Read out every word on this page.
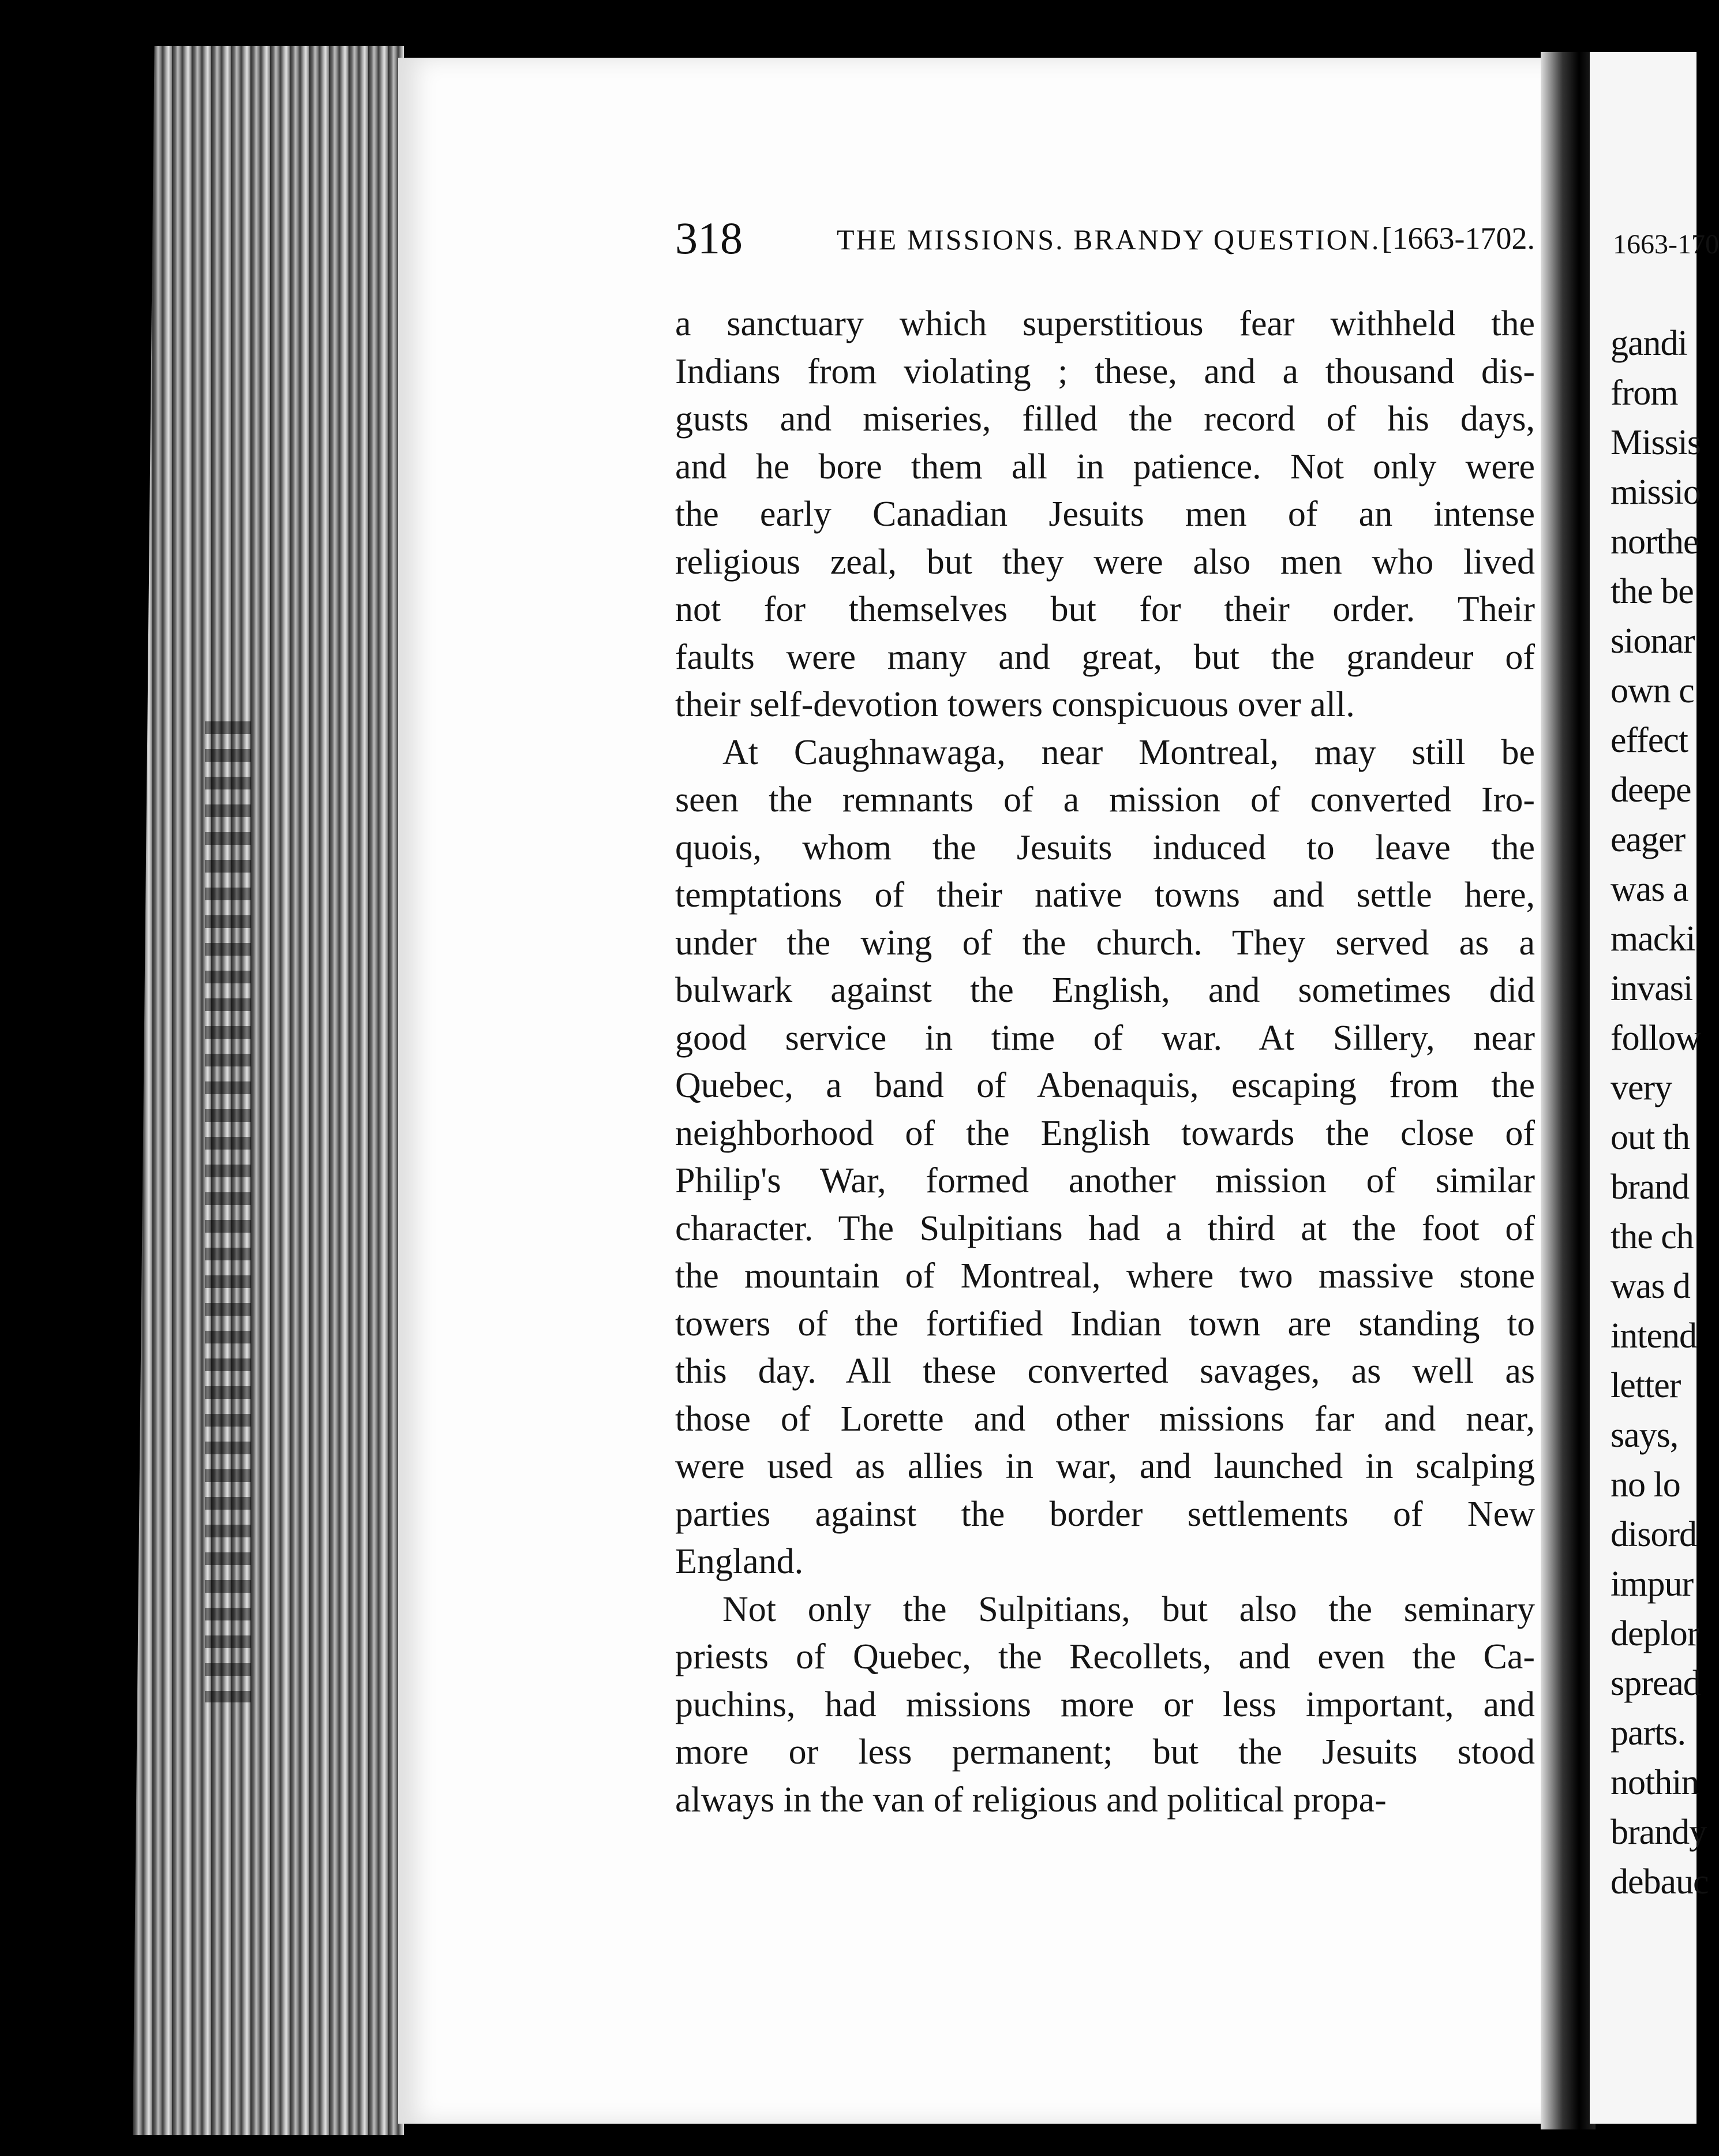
1663-170
gandi
from
Missis
missio
northe
the be
sionar
own c
effect
deepe
eager
was a
macki
invasi
follow
very
out th
brand
the ch
was d
intend
letter
says,
no lo
disord
impur
deplor
spread
parts.
nothin
brandy
debauc
318	THE MISSIONS. BRANDY QUESTION. [1663-1702.
a sanctuary which superstitious fear withheld the
Indians from violating ; these, and a thousand dis-
gusts and miseries, filled the record of his days,
and he bore them all in patience. Not only were
the early Canadian Jesuits men of an intense
religious zeal, but they were also men who lived
not for themselves but for their order. Their
faults were many and great, but the grandeur of
their self-devotion towers conspicuous over all.
At Caughnawaga, near Montreal, may still be
seen the remnants of a mission of converted Iro-
quois, whom the Jesuits induced to leave the
temptations of their native towns and settle here,
under the wing of the church. They served as a
bulwark against the English, and sometimes did
good service in time of war. At Sillery, near
Quebec, a band of Abenaquis, escaping from the
neighborhood of the English towards the close of
Philip's War, formed another mission of similar
character. The Sulpitians had a third at the foot of
the mountain of Montreal, where two massive stone
towers of the fortified Indian town are standing to
this day. All these converted savages, as well as
those of Lorette and other missions far and near,
were used as allies in war, and launched in scalping
parties against the border settlements of New
England.
Not only the Sulpitians, but also the seminary
priests of Quebec, the Recollets, and even the Ca-
puchins, had missions more or less important, and
more or less permanent; but the Jesuits stood
always in the van of religious and political propa-
